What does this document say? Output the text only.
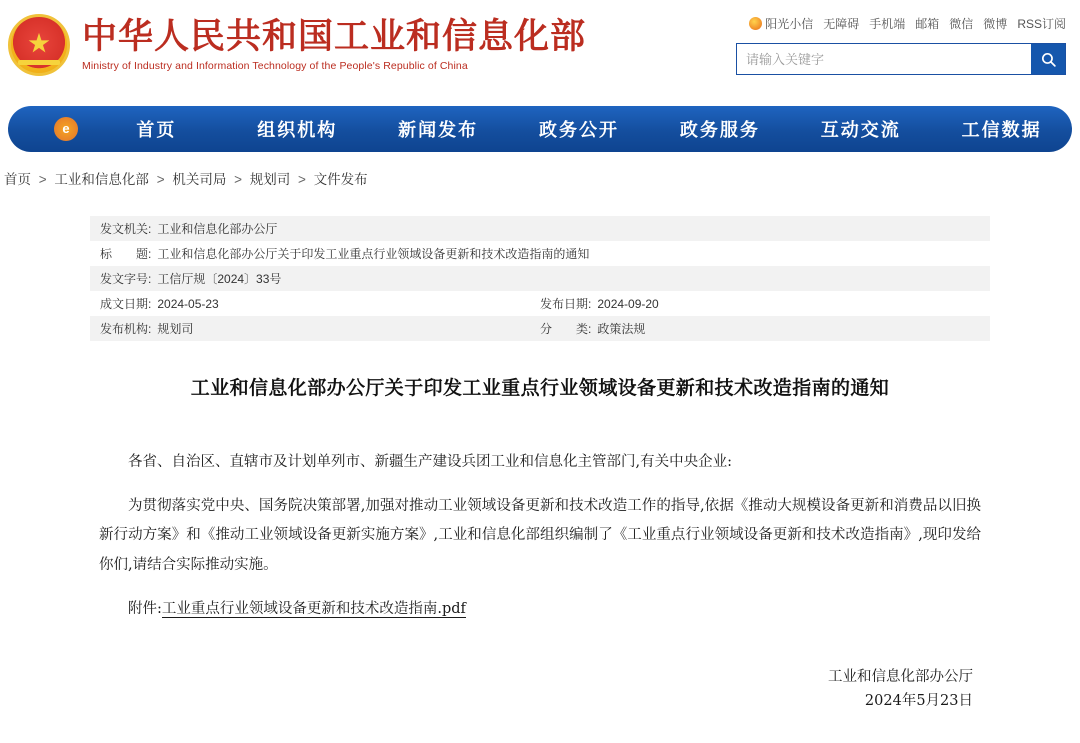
★
中华人民共和国工业和信息化部
Ministry of Industry and Information Technology of the People's Republic of China
阳光小信 无障碍 手机端 邮箱 微信 微博 RSS订阅
请输入关键字
e	首页	组织机构	新闻发布	政务公开	政务服务	互动交流	工信数据
首页 > 工业和信息化部 > 机关司局 > 规划司 > 文件发布
发文机关: 工业和信息化部办公厅
标　　题: 工业和信息化部办公厅关于印发工业重点行业领域设备更新和技术改造指南的通知
发文字号: 工信厅规〔2024〕33号
成文日期: 2024-05-23	发布日期: 2024-09-20
发布机构: 规划司	分　　类: 政策法规
工业和信息化部办公厅关于印发工业重点行业领域设备更新和技术改造指南的通知

各省、自治区、直辖市及计划单列市、新疆生产建设兵团工业和信息化主管部门,有关中央企业:

为贯彻落实党中央、国务院决策部署,加强对推动工业领域设备更新和技术改造工作的指导,依据《推动大规模设备更新和消费品以旧换新行动方案》和《推动工业领域设备更新实施方案》,工业和信息化部组织编制了《工业重点行业领域设备更新和技术改造指南》,现印发给你们,请结合实际推动实施。

附件:工业重点行业领域设备更新和技术改造指南.pdf

工业和信息化部办公厅
2024年5月23日
